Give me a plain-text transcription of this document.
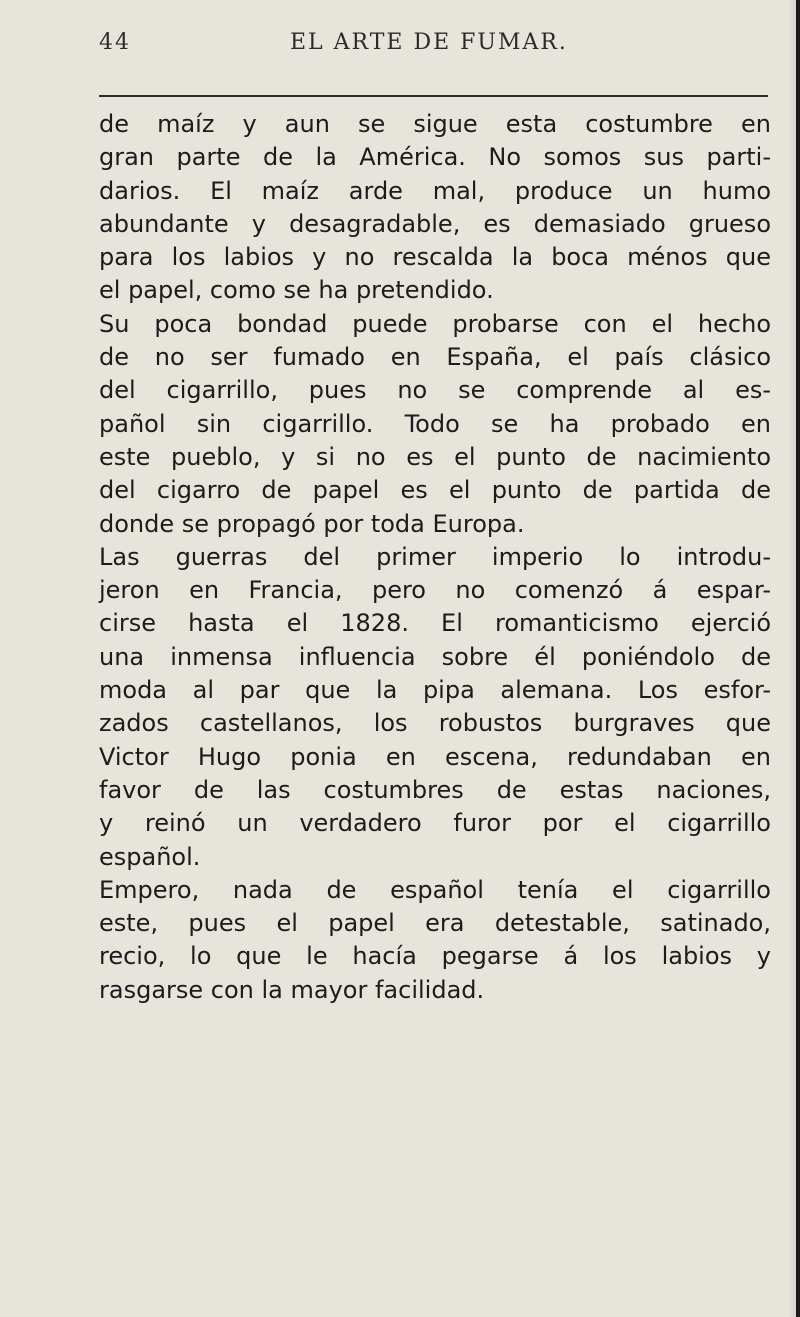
44	EL ARTE DE FUMAR.
de maíz y aun se sigue esta costumbre en
gran parte de la América. No somos sus parti-
darios. El maíz arde mal, produce un humo
abundante y desagradable, es demasiado grueso
para los labios y no rescalda la boca ménos que
el papel, como se ha pretendido.
Su poca bondad puede probarse con el hecho
de no ser fumado en España, el país clásico
del cigarrillo, pues no se comprende al es-
pañol sin cigarrillo. Todo se ha probado en
este pueblo, y si no es el punto de nacimiento
del cigarro de papel es el punto de partida de
donde se propagó por toda Europa.
Las guerras del primer imperio lo introdu-
jeron en Francia, pero no comenzó á espar-
cirse hasta el 1828. El romanticismo ejerció
una inmensa influencia sobre él poniéndolo de
moda al par que la pipa alemana. Los esfor-
zados castellanos, los robustos burgraves que
Victor Hugo ponia en escena, redundaban en
favor de las costumbres de estas naciones,
y reinó un verdadero furor por el cigarrillo
español.
Empero, nada de español tenía el cigarrillo
este, pues el papel era detestable, satinado,
recio, lo que le hacía pegarse á los labios y
rasgarse con la mayor facilidad.
